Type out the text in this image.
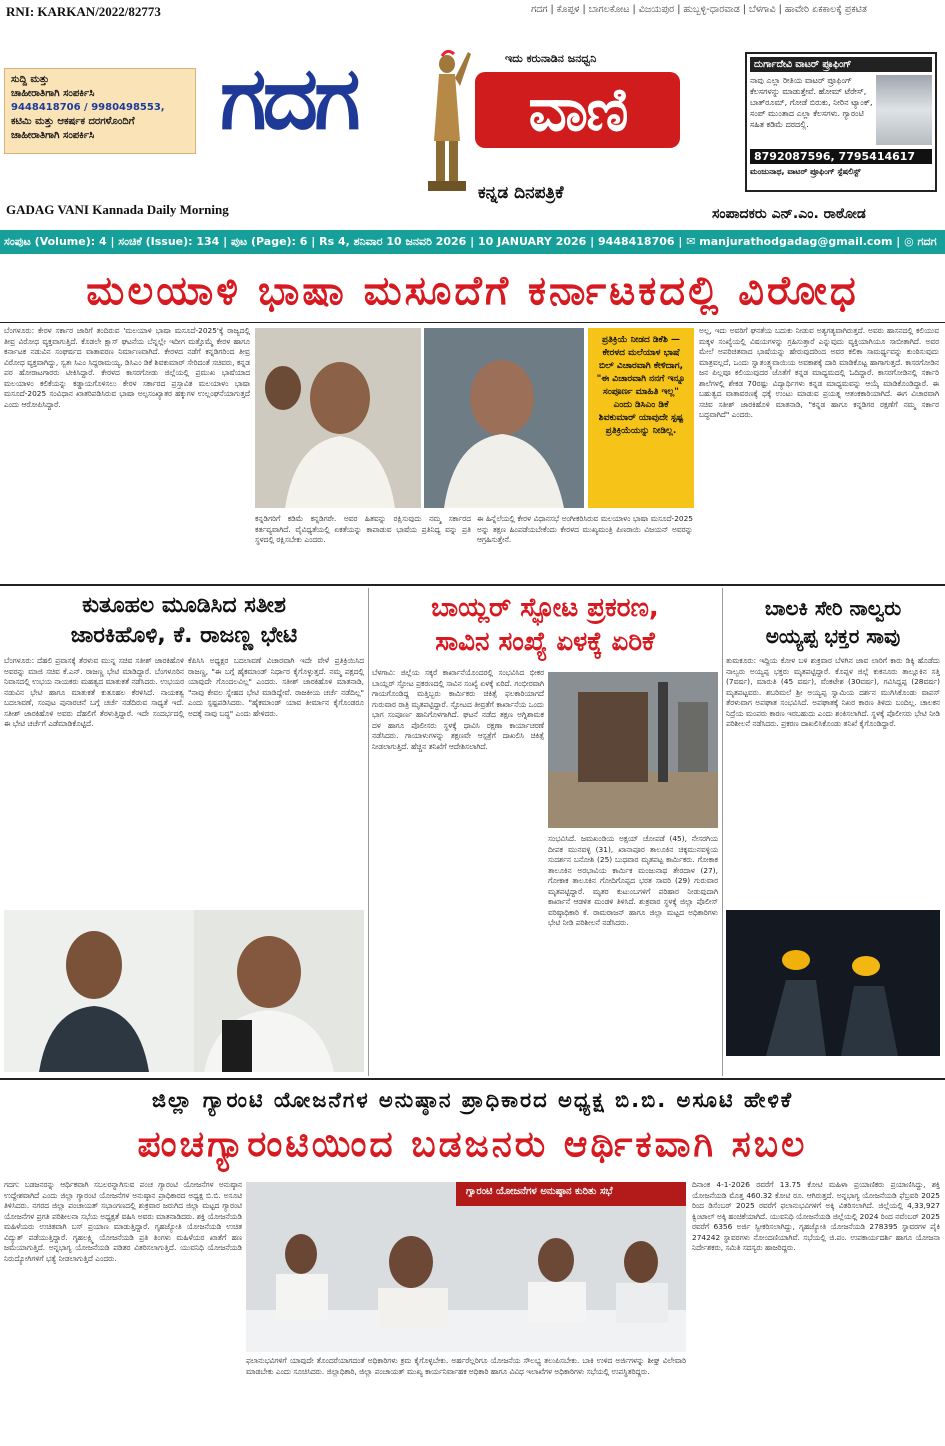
RNI: KARKAN/2022/82773	ಗದಗ | ಕೊಪ್ಪಳ | ಬಾಗಲಕೋಟ | ವಿಜಯಪುರ | ಹುಬ್ಬಳ್ಳಿ-ಧಾರವಾಡ | ಬೆಳಗಾವಿ | ಹಾವೇರಿ ಏಕಕಾಲಕ್ಕೆ ಪ್ರಕಟಿತ
ಸುದ್ದಿ ಮತ್ತು
ಚಾಹೀರಾತಿಗಾಗಿ ಸಂಪರ್ಕಿಸಿ
9448418706 / 9980498553,
ಕಟಿಮಿ ಮತ್ತು ಆಕರ್ಷಕ ದರಗಳೊಂದಿಗೆ
ಜಾಹೀರಾತಿಗಾಗಿ ಸಂಪರ್ಕಿಸಿ	ಗದಗ	ವಾಣಿ
ಇದು ಕರುನಾಡಿನ ಜನಧ್ವನಿ
ಕನ್ನಡ ದಿನಪತ್ರಿಕೆ
GADAG VANI Kannada Daily Morning	ಸಂಪಾದಕರು ಎನ್.ಎಂ. ರಾಠೋಡ
ದುರ್ಗಾದೇವಿ ವಾಟರ್ ಪ್ರೂಫಿಂಗ್
ನಾವು ಎಲ್ಲಾ ರೀತಿಯ ವಾಟರ್ ಪ್ರೂಫಿಂಗ್ ಕೆಲಸಗಳನ್ನು ಮಾಡುತ್ತೇವೆ. ಹೋಮ್ ಟೆರೇಸ್, ಬಾತ್‌ರೂಮ್, ಗೋಡೆ ಬಿರುಕು, ನೀರಿನ ಟ್ಯಾಂಕ್, ಸಂಪ್ ಮುಂತಾದ ಎಲ್ಲಾ ಕೆಲಸಗಳು. ಗ್ಯಾರಂಟಿ ಸಹಿತ ಕಡಿಮೆ ದರದಲ್ಲಿ.
8792087596, 7795414617
ಮಂಜುನಾಥ, ವಾಟರ್ ಪ್ರೂಫಿಂಗ್ ಸ್ಪೆಷಲಿಸ್ಟ್
ಸಂಪುಟ (Volume): 4 | ಸಂಚಿಕೆ (Issue): 134 | ಪುಟ (Page): 6 | Rs 4, ಶನಿವಾರ 10 ಜನವರಿ 2026 | 10 JANUARY 2026 | 9448418706 | ✉ manjurathodgadag@gmail.com | ◎ ಗದಗ
ಮಲಯಾಳಿ ಭಾಷಾ ಮಸೂದೆಗೆ ಕರ್ನಾಟಕದಲ್ಲಿ ವಿರೋಧ
ಬೆಂಗಳೂರು: ಕೇರಳ ಸರ್ಕಾರ ಜಾರಿಗೆ ತಂದಿರುವ 'ಮಲಯಾಳಿ ಭಾಷಾ ಮಸೂದೆ-2025'ಕ್ಕೆ ರಾಜ್ಯದಲ್ಲಿ ತೀವ್ರ ವಿರೋಧ ವ್ಯಕ್ತವಾಗುತ್ತಿದೆ. ಕೊಡಲೇ ಕ್ಷಾಸ್ ಘಟನೆಯ ಬೆನ್ನಲ್ಲೇ ಇದೀಗ ಮತ್ತೊಮ್ಮೆ ಕೇರಳ ಹಾಗೂ ಕರ್ನಾಟಕ ನಡುವಿನ ಸಂಘರ್ಷದ ವಾತಾವರಣ ನಿರ್ಮಾಣವಾಗಿದೆ. ಕೇರಳದ ನಡೆಗೆ ಕನ್ನಡಿಗರಿಂದ ತೀವ್ರ ವಿರೋಧ ವ್ಯಕ್ತವಾಗಿದ್ದು, ಸ್ವತಃ ಸಿಎಂ ಸಿದ್ದರಾಮಯ್ಯ, ಡಿಸಿಎಂ ಡಿಕೆ ಶಿವಕುಮಾರ್ ಸೇರಿದಂತೆ ಸಚಿವರು, ಕನ್ನಡ ಪರ ಹೋರಾಟಗಾರರು ಟೀಕಿಸಿದ್ದಾರೆ. ಕೇರಳದ ಕಾಸರಗೋಡು ಜಿಲ್ಲೆಯಲ್ಲಿ ಪ್ರಮುಖ ಭಾಷೆಯಾದ ಮಲಯಾಳಂ ಕಲಿಕೆಯನ್ನು ಕಡ್ಡಾಯಗೊಳಿಸಲು ಕೇರಳ ಸರ್ಕಾರದ ಪ್ರಸ್ತಾವಿತ ಮಲಯಾಳಂ ಭಾಷಾ ಮಸೂದೆ-2025 ಸಂವಿಧಾನ ಖಾತರಿಪಡಿಸಿರುವ ಭಾಷಾ ಅಲ್ಪಸಂಖ್ಯಾತರ ಹಕ್ಕುಗಳ ಉಲ್ಲಂಘನೆಯಾಗುತ್ತದೆ ಎಂದು ಆರೋಪಿಸಿದ್ದಾರೆ.
ಪ್ರತಿಕ್ರಿಯೆ ನೀಡದ ಡಿಕೆಶಿ — ಕೇರಳದ ಮಲೆಯಾಳ ಭಾಷೆ ಬಿಲ್ ವಿಚಾರವಾಗಿ ಕೇಳಿದಾಗ, "ಈ ವಿಚಾರವಾಗಿ ನನಗೆ ಇನ್ನೂ ಸಂಪೂರ್ಣ ಮಾಹಿತಿ ಇಲ್ಲ" ಎಂದು ಡಿಸಿಎಂ ಡಿಕೆ ಶಿವಕುಮಾರ್ ಯಾವುದೇ ಸ್ಪಷ್ಟ ಪ್ರತಿಕ್ರಿಯೆಯನ್ನು ನೀಡಿಲ್ಲ.
ಕನ್ನಡಿಗರಿಗೆ ಕಡಿಮೆ ಕನ್ನಡಿಗರೇ. ಅವರ ಹಿತವನ್ನು ರಕ್ಷಿಸುವುದು ನಮ್ಮ ಸರ್ಕಾರದ ಕರ್ತವ್ಯವಾಗಿದೆ. ವೈವಿಧ್ಯತೆಯಲ್ಲಿ ಏಕತೆಯನ್ನು ಕಾಪಾಡುವ ಭಾಷೆಯ ಪ್ರತಿನಿಧ್ಯ ವನ್ನು ಪ್ರತಿ ಸ್ಥಳದಲ್ಲಿ ರಕ್ಷಿಸಬೇಕು ಎಂದರು.
ಈ ಹಿನ್ನೆಲೆಯಲ್ಲಿ ಕೇರಳ ವಿಧಾನಸಭೆ ಅಂಗೀಕರಿಸಿರುವ ಮಲಯಾಳಂ ಭಾಷಾ ಮಸೂದೆ-2025 ಅನ್ನು ತಕ್ಷಣ ಹಿಂಪಡೆಯಬೇಕೆಂದು ಕೇರಳದ ಮುಖ್ಯಮಂತ್ರಿ ಪಿಣರಾಯಿ ವಿಜಯನ್ ಅವರನ್ನು ಆಗ್ರಹಿಸುತ್ತೇನೆ.
ಅಲ್ಲ, ಇದು ಅವರಿಗೆ ಘನತೆಯ ಬದುಕು ನೀಡುವ ಅತ್ಯಗತ್ಯವಾಗಿರುತ್ತದೆ. ಅವರು ಹಾಸನದಲ್ಲಿ ಕಲಿಯುವ ಮಕ್ಕಳ ಸಂಖ್ಯೆಯಲ್ಲಿ ವಿಷಯಗಳನ್ನು ಗ್ರಹಿಸುತ್ತಾರೆ ಎನ್ನುವುದು ವ್ಯಕ್ತಿಯಾಗಿಯೂ ಸಾಬೀತಾಗಿದೆ. ಅವರ ಮೇಲೆ ಅಪರಿಚಿತವಾದ ಭಾಷೆಯನ್ನು ಹೇರುವುದರಿಂದ ಅವರ ಕಲಿಕಾ ಸಾಮರ್ಥ್ಯವನ್ನು ಕುಂಠಿಸುವುದು ಮಾತ್ರವಲ್ಲದೆ, ಒಂದು ಸ್ವಾತಂತ್ರ್ಯವಾಯಿಯ ಅವಕಾಶಕ್ಕೆ ದಾರಿ ಮಾಡಿಕೊಟ್ಟ ಹಾಗಾಗುತ್ತದೆ. ಕಾಸರಗೋಡಿನ ಜನ ಪಿಲ್ಲವೂ ಕಲಿಯುವುದರ ಜೊತೆಗೆ ಕನ್ನಡ ಮಾಧ್ಯಮದಲ್ಲಿ ಓದಿದ್ದಾರೆ. ಕಾಸರಗೋಡಿನಲ್ಲಿ ಸರ್ಕಾರಿ ಶಾಲೆಗಳಲ್ಲಿ ಶೇಕಡ 70ರಷ್ಟು ವಿದ್ಯಾರ್ಥಿಗಳು ಕನ್ನಡ ಮಾಧ್ಯಮವನ್ನು ಆಯ್ಕೆ ಮಾಡಿಕೊಂಡಿದ್ದಾರೆ. ಈ ಬಹುತ್ವದ ವಾತಾವರಣಕ್ಕೆ ಧಕ್ಕೆ ಉಂಟು ಮಾಡುವ ಪ್ರಯತ್ನ ಆತಂಕಕಾರಿಯಾಗಿದೆ. ಈಗ ವಿಚಾರವಾಗಿ ಸಚಿವ ಸತೀಶ್ ಜಾರಕಿಹೊಳಿ ಮಾತನಾಡಿ, "ಕನ್ನಡ ಹಾಗೂ ಕನ್ನಡಿಗರ ರಕ್ಷಣೆಗೆ ನಮ್ಮ ಸರ್ಕಾರ ಬದ್ಧವಾಗಿದೆ" ಎಂದರು.
ಕುತೂಹಲ ಮೂಡಿಸಿದ ಸತೀಶ
ಜಾರಕಿಹೊಳಿ, ಕೆ. ರಾಜಣ್ಣ ಭೇಟಿ
ಬೆಂಗಳೂರು: ದೆಹಲಿ ಪ್ರವಾಸಕ್ಕೆ ತೆರಳುವ ಮುನ್ನ ಸಚಿವ ಸತೀಶ್ ಜಾರಕಿಹೊಳಿ ಅವರನ್ನು ಮಾಜಿ ಸಚಿವ ಕೆ.ಎನ್. ರಾಜಣ್ಣ ಭೇಟಿ ಮಾಡಿದ್ದಾರೆ. ಬೆಂಗಳೂರಿನ ನಿವಾಸದಲ್ಲಿ ಉಭಯ ನಾಯಕರು ಮಹತ್ವದ ಮಾತುಕತೆ ನಡೆಸಿದರು. ಉಭಯರ ನಡುವಿನ ಭೇಟಿ ಹಾಗೂ ಮಾತುಕತೆ ಕುತೂಹಲ ಕೆರಳಿಸಿದೆ. ನಾಯಕತ್ವ ಬದಲಾವಣೆ, ಸಂಪುಟ ಪುನಾರಚನೆ ಬಗ್ಗೆ ಚರ್ಚೆ ನಡೆದಿರುವ ಸಾಧ್ಯತೆ ಇದೆ. ಸತೀಶ್ ಜಾರಕಿಹೊಳಿ ಅವರು ದೆಹಲಿಗೆ ತೆರಳುತ್ತಿದ್ದಾರೆ. ಇದೇ ಸಂದರ್ಭದಲ್ಲಿ ಈ ಭೇಟಿ ಚರ್ಚೆಗೆ ಎಡೆಮಾಡಿಕೊಟ್ಟಿದೆ.
ಕೆಪಿಸಿಸಿ ಅಧ್ಯಕ್ಷರ ಬದಲಾವಣೆ ವಿಚಾರವಾಗಿ ಇದೇ ವೇಳೆ ಪ್ರತಿಕ್ರಿಯಿಸಿದ ರಾಜಣ್ಣ, "ಈ ಬಗ್ಗೆ ಹೈಕಮಾಂಡ್ ನಿರ್ಧಾರ ಕೈಗೊಳ್ಳುತ್ತದೆ. ನಮ್ಮ ಪಕ್ಷದಲ್ಲಿ ಯಾವುದೇ ಗೊಂದಲವಿಲ್ಲ" ಎಂದರು. ಸತೀಶ್ ಜಾರಕಿಹೊಳಿ ಮಾತನಾಡಿ, "ನಾವು ಕೇವಲ ಸ್ನೇಹದ ಭೇಟಿ ಮಾಡಿದ್ದೇವೆ. ರಾಜಕೀಯ ಚರ್ಚೆ ನಡೆದಿಲ್ಲ" ಎಂದು ಸ್ಪಷ್ಟಪಡಿಸಿದರು. "ಹೈಕಮಾಂಡ್ ಯಾವ ತೀರ್ಮಾನ ಕೈಗೊಂಡರೂ ಅದಕ್ಕೆ ನಾವು ಬದ್ಧ" ಎಂದು ಹೇಳಿದರು.
ಬಾಯ್ಲರ್ ಸ್ಫೋಟ ಪ್ರಕರಣ,
ಸಾವಿನ ಸಂಖ್ಯೆ ಏಳಕ್ಕೆ ಏರಿಕೆ
ಬೆಳಗಾವಿ: ಜಿಲ್ಲೆಯ ಸಕ್ಕರೆ ಕಾರ್ಖಾನೆಯೊಂದರಲ್ಲಿ ಸಂಭವಿಸಿದ ಭೀಕರ ಬಾಯ್ಲರ್ ಸ್ಫೋಟ ಪ್ರಕರಣದಲ್ಲಿ ಸಾವಿನ ಸಂಖ್ಯೆ ಏಳಕ್ಕೆ ಏರಿದೆ. ಗಂಭೀರವಾಗಿ ಗಾಯಗೊಂಡಿದ್ದ ಮತ್ತಿಬ್ಬರು ಕಾರ್ಮಿಕರು ಚಿಕಿತ್ಸೆ ಫಲಕಾರಿಯಾಗದೆ ಗುರುವಾರ ರಾತ್ರಿ ಮೃತಪಟ್ಟಿದ್ದಾರೆ. ಸ್ಫೋಟದ ತೀವ್ರತೆಗೆ ಕಾರ್ಖಾನೆಯ ಒಂದು ಭಾಗ ಸಂಪೂರ್ಣ ಹಾನಿಗೊಳಗಾಗಿದೆ. ಘಟನೆ ನಡೆದ ತಕ್ಷಣ ಅಗ್ನಿಶಾಮಕ ದಳ ಹಾಗೂ ಪೊಲೀಸರು ಸ್ಥಳಕ್ಕೆ ಧಾವಿಸಿ ರಕ್ಷಣಾ ಕಾರ್ಯಾಚರಣೆ ನಡೆಸಿದರು. ಗಾಯಾಳುಗಳನ್ನು ತಕ್ಷಣವೇ ಆಸ್ಪತ್ರೆಗೆ ದಾಖಲಿಸಿ ಚಿಕಿತ್ಸೆ ನೀಡಲಾಗುತ್ತಿದೆ. ಹೆಚ್ಚಿನ ತನಿಖೆಗೆ ಆದೇಶಿಸಲಾಗಿದೆ.
ಸಂಭವಿಸಿದೆ. ಜಮಖಂಡಿಯ ಅಕ್ಷಯ್ ಚೋಪಡೆ (45), ನೇಸರಗಿಯ ದೀಪಕ ಮುನವಳ್ಳಿ (31), ಖಾನಾಪೂರ ತಾಲೂಕಿನ ಚಿಕ್ಕಮುನವಳ್ಳಿಯ ಸುದರ್ಶನ ಬನೋಶಿ (25) ಬುಧವಾರ ಮೃತಪಟ್ಟ ಕಾರ್ಮಿಕರು. ಗೋಕಾಕ ತಾಲೂಕಿನ ಅರಭಾವಿಯ ಕಾರ್ಮಿಕ ಮಂಜುನಾಥ ತೇರದಾಳ (27), ಗೋಕಾಕ ತಾಲೂಕಿನ ಗೋದಿಗೊಪ್ಪದ ಭರತ ಸಾವರಿ (29) ಗುರುವಾರ ಮೃತಪಟ್ಟಿದ್ದಾರೆ. ಮೃತರ ಕುಟುಂಬಗಳಿಗೆ ಪರಿಹಾರ ನೀಡುವುದಾಗಿ ಕಾರ್ಖಾನೆ ಆಡಳಿತ ಮಂಡಳಿ ತಿಳಿಸಿದೆ. ಶುಕ್ರವಾರ ಸ್ಥಳಕ್ಕೆ ಜಿಲ್ಲಾ ಪೊಲೀಸ್ ವರಿಷ್ಠಾಧಿಕಾರಿ ಕೆ. ರಾಮರಾಜನ್ ಹಾಗೂ ಜಿಲ್ಲಾ ಮಟ್ಟದ ಅಧಿಕಾರಿಗಳು ಭೇಟಿ ನೀಡಿ ಪರಿಶೀಲನೆ ನಡೆಸಿದರು.
ಬಾಲಕಿ ಸೇರಿ ನಾಲ್ವರು
ಅಯ್ಯಪ್ಪ ಭಕ್ತರ ಸಾವು
ತುಮಕೂರು: ಇದ್ದಿಯ ಕೋಳ ಬಳಿ ಶುಕ್ರವಾರ ಬೆಳಗಿನ ಜಾವ ಲಾರಿಗೆ ಕಾರು ಡಿಕ್ಕಿ ಹೊಡೆದು ನಾಲ್ವರು ಅಯ್ಯಪ್ಪ ಭಕ್ತರು ಮೃತಪಟ್ಟಿದ್ದಾರೆ. ಕೊಪ್ಪಳ ಜಿಲ್ಲೆ ಕುಕನೂರು ತಾಲ್ಲೂಕಿನ ಸತ್ತಿ (7ವರ್ಷ), ಮಾರುತಿ (45 ವರ್ಷ), ವೆಂಕಟೇಶ (30ವರ್ಷ), ಗವಿಸಿದ್ದಪ್ಪ (28ವರ್ಷ) ಮೃತಪಟ್ಟವರು. ಶಬರಿಮಲೆ ಶ್ರೀ ಅಯ್ಯಪ್ಪ ಸ್ವಾಮಿಯ ದರ್ಶನ ಮುಗಿಸಿಕೊಂಡು ವಾಪಸ್ ತೆರಳುವಾಗ ಅಪಘಾತ ಸಂಭವಿಸಿದೆ. ಅಪಘಾತಕ್ಕೆ ನಿಖರ ಕಾರಣ ತಿಳಿದು ಬಂದಿಲ್ಲ. ಚಾಲಕನ ನಿದ್ರೆಯ ಮಂಪರು ಕಾರಣ ಇರಬಹುದು ಎಂದು ಶಂಕಿಸಲಾಗಿದೆ. ಸ್ಥಳಕ್ಕೆ ಪೊಲೀಸರು ಭೇಟಿ ನೀಡಿ ಪರಿಶೀಲನೆ ನಡೆಸಿದರು. ಪ್ರಕರಣ ದಾಖಲಿಸಿಕೊಂಡು ತನಿಖೆ ಕೈಗೊಂಡಿದ್ದಾರೆ.
ಜಿಲ್ಲಾ ಗ್ಯಾರಂಟಿ ಯೋಜನೆಗಳ ಅನುಷ್ಠಾನ ಪ್ರಾಧಿಕಾರದ ಅಧ್ಯಕ್ಷ ಬಿ.ಬಿ. ಅಸೂಟಿ ಹೇಳಿಕೆ
ಪಂಚಗ್ಯಾರಂಟಿಯಿಂದ ಬಡಜನರು ಆರ್ಥಿಕವಾಗಿ ಸಬಲ
ಗದಗ: ಬಡಜನರನ್ನು ಆರ್ಥಿಕವಾಗಿ ಸಬಲರನ್ನಾಗಿಸುವ ಪಂಚ ಗ್ಯಾರಂಟಿ ಯೋಜನೆಗಳ ಅನುಷ್ಠಾನ ಉದ್ದೇಶವಾಗಿದೆ ಎಂದು ಜಿಲ್ಲಾ ಗ್ಯಾರಂಟಿ ಯೋಜನೆಗಳ ಅನುಷ್ಠಾನ ಪ್ರಾಧಿಕಾರದ ಅಧ್ಯಕ್ಷ ಬಿ.ಬಿ. ಅಸೂಟಿ ತಿಳಿಸಿದರು. ನಗರದ ಜಿಲ್ಲಾ ಪಂಚಾಯತ್ ಸಭಾಂಗಣದಲ್ಲಿ ಶುಕ್ರವಾರ ಜರುಗಿದ ಜಿಲ್ಲಾ ಮಟ್ಟದ ಗ್ಯಾರಂಟಿ ಯೋಜನೆಗಳ ಪ್ರಗತಿ ಪರಿಶೀಲನಾ ಸಭೆಯ ಅಧ್ಯಕ್ಷತೆ ವಹಿಸಿ ಅವರು ಮಾತನಾಡಿದರು. ಶಕ್ತಿ ಯೋಜನೆಯಡಿ ಮಹಿಳೆಯರು ಉಚಿತವಾಗಿ ಬಸ್ ಪ್ರಯಾಣ ಮಾಡುತ್ತಿದ್ದಾರೆ. ಗೃಹಜ್ಯೋತಿ ಯೋಜನೆಯಡಿ ಉಚಿತ ವಿದ್ಯುತ್ ಪಡೆಯುತ್ತಿದ್ದಾರೆ. ಗೃಹಲಕ್ಷ್ಮಿ ಯೋಜನೆಯಡಿ ಪ್ರತಿ ತಿಂಗಳು ಮಹಿಳೆಯರ ಖಾತೆಗೆ ಹಣ ಜಮೆಯಾಗುತ್ತಿದೆ. ಅನ್ನಭಾಗ್ಯ ಯೋಜನೆಯಡಿ ಪಡಿತರ ವಿತರಿಸಲಾಗುತ್ತಿದೆ. ಯುವನಿಧಿ ಯೋಜನೆಯಡಿ ನಿರುದ್ಯೋಗಿಗಳಿಗೆ ಭತ್ಯೆ ನೀಡಲಾಗುತ್ತಿದೆ ಎಂದರು.
ಗ್ಯಾರಂಟಿ ಯೋಜನೆಗಳ ಅನುಷ್ಠಾನ ಕುರಿತು ಸಭೆ
ಫಲಾನುಭವಿಗಳಿಗೆ ಯಾವುದೇ ತೊಂದರೆಯಾಗದಂತೆ ಅಧಿಕಾರಿಗಳು ಕ್ರಮ ಕೈಗೊಳ್ಳಬೇಕು. ಅರ್ಹರೆಲ್ಲರಿಗೂ ಯೋಜನೆಯ ಸೌಲಭ್ಯ ತಲುಪಿಸಬೇಕು. ಬಾಕಿ ಉಳಿದ ಅರ್ಜಿಗಳನ್ನು ಶೀಘ್ರ ವಿಲೇವಾರಿ ಮಾಡಬೇಕು ಎಂದು ಸೂಚಿಸಿದರು. ಜಿಲ್ಲಾಧಿಕಾರಿ, ಜಿಲ್ಲಾ ಪಂಚಾಯತ್ ಮುಖ್ಯ ಕಾರ್ಯನಿರ್ವಾಹಕ ಅಧಿಕಾರಿ ಹಾಗೂ ವಿವಿಧ ಇಲಾಖೆಗಳ ಅಧಿಕಾರಿಗಳು ಸಭೆಯಲ್ಲಿ ಉಪಸ್ಥಿತರಿದ್ದರು.
ದಿನಾಂಕ 4-1-2026 ರವರೆಗೆ 13.75 ಕೋಟಿ ಮಹಿಳಾ ಪ್ರಯಾಣಿಕರು ಪ್ರಯಾಣಿಸಿದ್ದು, ಶಕ್ತಿ ಯೋಜನೆಯಡಿ ಮೊತ್ತ 460.32 ಕೋಟಿ ರೂ. ಆಗಿರುತ್ತದೆ. ಅನ್ನಭಾಗ್ಯ ಯೋಜನೆಯಡಿ ಫೆಬ್ರವರಿ 2025 ರಿಂದ ಡಿಸೆಂಬರ್ 2025 ರವರೆಗೆ ಫಲಾನುಭವಿಗಳಿಗೆ ಅಕ್ಕಿ ವಿತರಿಸಲಾಗಿದೆ. ಜಿಲ್ಲೆಯಲ್ಲಿ 4,33,927 ಕ್ವಿಂಟಾಲ್ ಅಕ್ಕಿ ಹಂಚಿಕೆಯಾಗಿದೆ. ಯುವನಿಧಿ ಯೋಜನೆಯಡಿ ಜಿಲ್ಲೆಯಲ್ಲಿ 2024 ರಿಂದ ನವೆಂಬರ್ 2025 ರವರೆಗೆ 6356 ಅರ್ಜಿ ಸ್ವೀಕರಿಸಲಾಗಿದ್ದು, ಗೃಹಜ್ಯೋತಿ ಯೋಜನೆಯಡಿ 278395 ಸ್ಥಾವರಗಳ ಪೈಕಿ 274242 ಸ್ಥಾವರಗಳು ನೋಂದಣಿಯಾಗಿವೆ. ಸಭೆಯಲ್ಲಿ ಜಿ.ಪಂ. ಉಪಕಾರ್ಯದರ್ಶಿ ಹಾಗೂ ಯೋಜನಾ ನಿರ್ದೇಶಕರು, ಸಮಿತಿ ಸದಸ್ಯರು ಹಾಜರಿದ್ದರು.
